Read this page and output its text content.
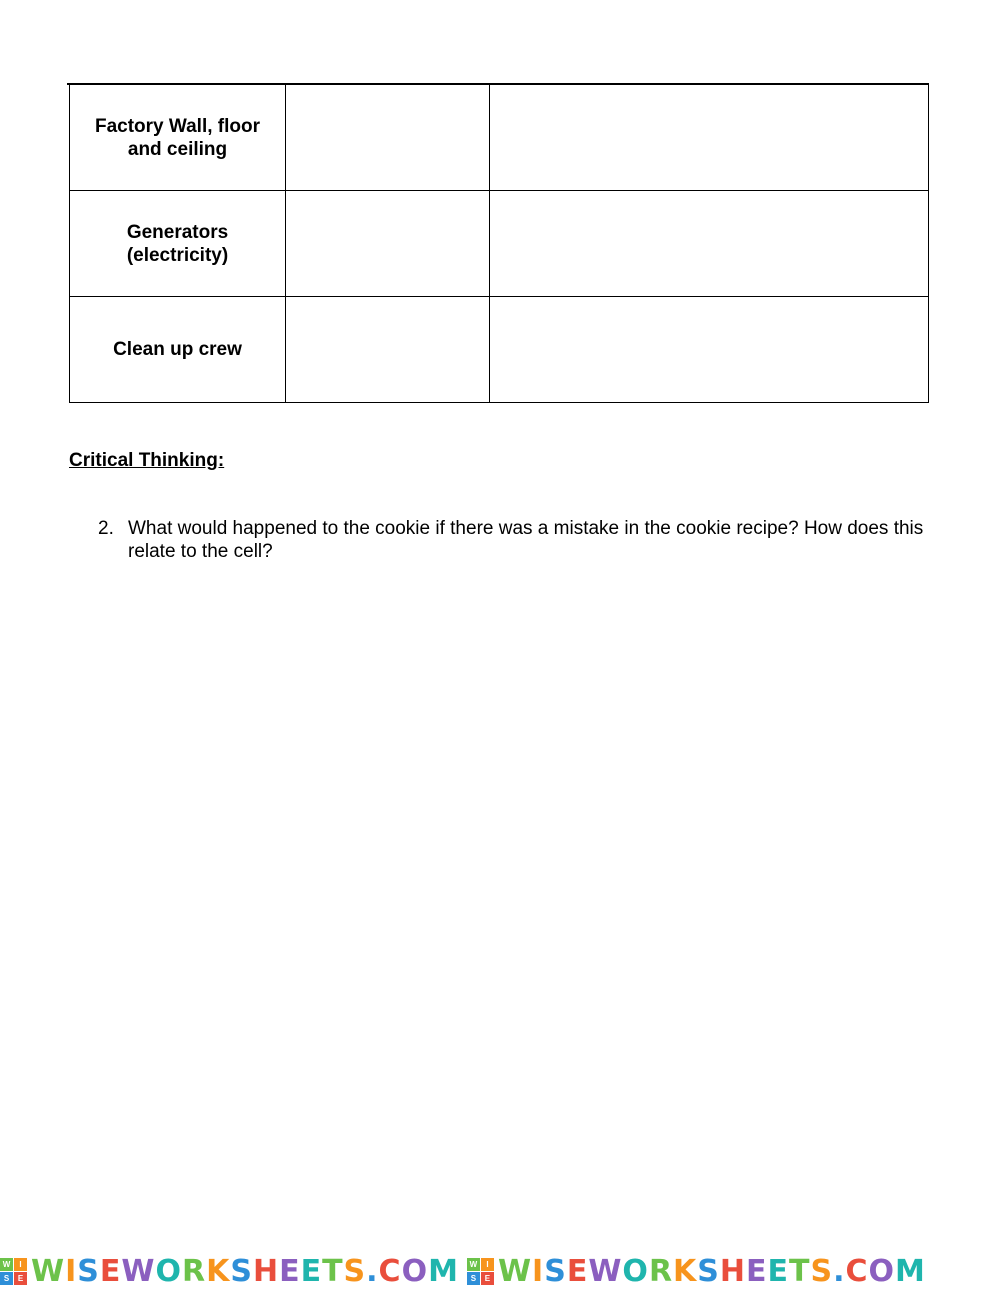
Factory Wall, floor and ceiling		
Generators (electricity)		
Clean up crew		
Critical Thinking:
2. What would happened to the cookie if there was a mistake in the cookie recipe? How does this relate to the cell?
W	I
S	E WISEWORKSHEETS.COM	W	I
S	E WISEWORKSHEETS.COM
